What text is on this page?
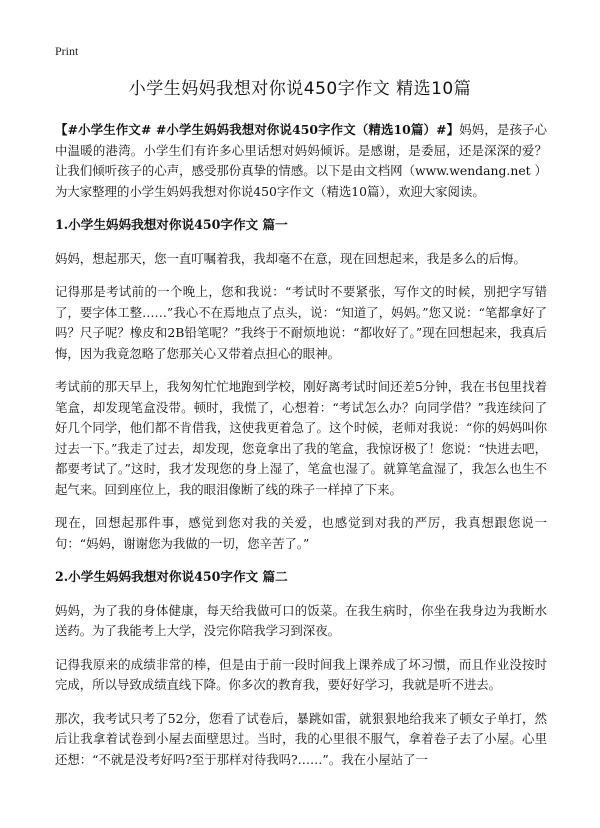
Print
小学生妈妈我想对你说450字作文 精选10篇

【#小学生作文# #小学生妈妈我想对你说450字作文（精选10篇）#】妈妈，是孩子心中温暖的港湾。小学生们有许多心里话想对妈妈倾诉。是感谢，是委屈，还是深深的爱？让我们倾听孩子的心声，感受那份真挚的情感。以下是由文档网（www.wendang.net ）为大家整理的小学生妈妈我想对你说450字作文（精选10篇），欢迎大家阅读。

1.小学生妈妈我想对你说450字作文 篇一

妈妈，想起那天，您一直叮嘱着我，我却毫不在意，现在回想起来，我是多么的后悔。

记得那是考试前的一个晚上，您和我说：“考试时不要紧张，写作文的时候，别把字写错了，要字体工整……”我心不在焉地点了点头，说：“知道了，妈妈。”您又说：“笔都拿好了吗？尺子呢？橡皮和2B铅笔呢？”我终于不耐烦地说：“都收好了。”现在回想起来，我真后悔，因为我竟忽略了您那关心又带着点担心的眼神。

考试前的那天早上，我匆匆忙忙地跑到学校，刚好离考试时间还差5分钟，我在书包里找着笔盒，却发现笔盒没带。顿时，我慌了，心想着：“考试怎么办？向同学借？”我连续问了好几个同学，他们都不肯借我，这使我更着急了。这个时候，老师对我说：“你的妈妈叫你过去一下。”我走了过去，却发现，您竟拿出了我的笔盒，我惊讶极了！您说：“快进去吧，都要考试了。”这时，我才发现您的身上湿了，笔盒也湿了。就算笔盒湿了，我怎么也生不起气来。回到座位上，我的眼泪像断了线的珠子一样掉了下来。

现在，回想起那件事，感觉到您对我的关爱，也感觉到对我的严厉，我真想跟您说一句：“妈妈，谢谢您为我做的一切，您辛苦了。”

2.小学生妈妈我想对你说450字作文 篇二

妈妈，为了我的身体健康，每天给我做可口的饭菜。在我生病时，你坐在我身边为我断水送药。为了我能考上大学，没完你陪我学习到深夜。

记得我原来的成绩非常的棒，但是由于前一段时间我上课养成了坏习惯，而且作业没按时完成，所以导致成绩直线下降。你多次的教育我，要好好学习，我就是听不进去。

那次，我考试只考了52分，您看了试卷后，暴跳如雷，就狠狠地给我来了顿女子单打，然后让我拿着试卷到小屋去面壁思过。当时，我的心里很不服气，拿着卷子去了小屋。心里还想：“不就是没考好吗?至于那样对待我吗?……”。我在小屋站了一
